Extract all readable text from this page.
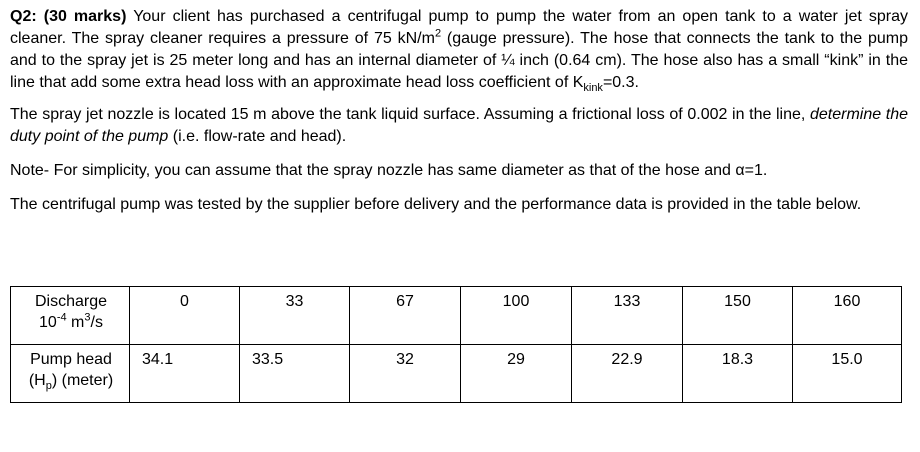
Q2: (30 marks) Your client has purchased a centrifugal pump to pump the water from an open tank to a water jet spray cleaner. The spray cleaner requires a pressure of 75 $kN/m^2$ (gauge pressure). The hose that connects the tank to the pump and to the spray jet is 25 meter long and has an internal diameter of ¼ inch (0.64 cm). The hose also has a small “kink” in the line that add some extra head loss with an approximate head loss coefficient of $K_{kink}=0.3$.

The spray jet nozzle is located 15 m above the tank liquid surface. Assuming a frictional loss of 0.002 in the line, determine the duty point of the pump (i.e. flow-rate and head).

Note- For simplicity, you can assume that the spray nozzle has same diameter as that of the hose and α=1.

The centrifugal pump was tested by the supplier before delivery and the performance data is provided in the table below.

Discharge
$10^{-4}$ $m^3/s$	0	33	67	100	133	150	160

Pump head
$(H_p)$ (meter)	34.1	33.5	32	29	22.9	18.3	15.0
